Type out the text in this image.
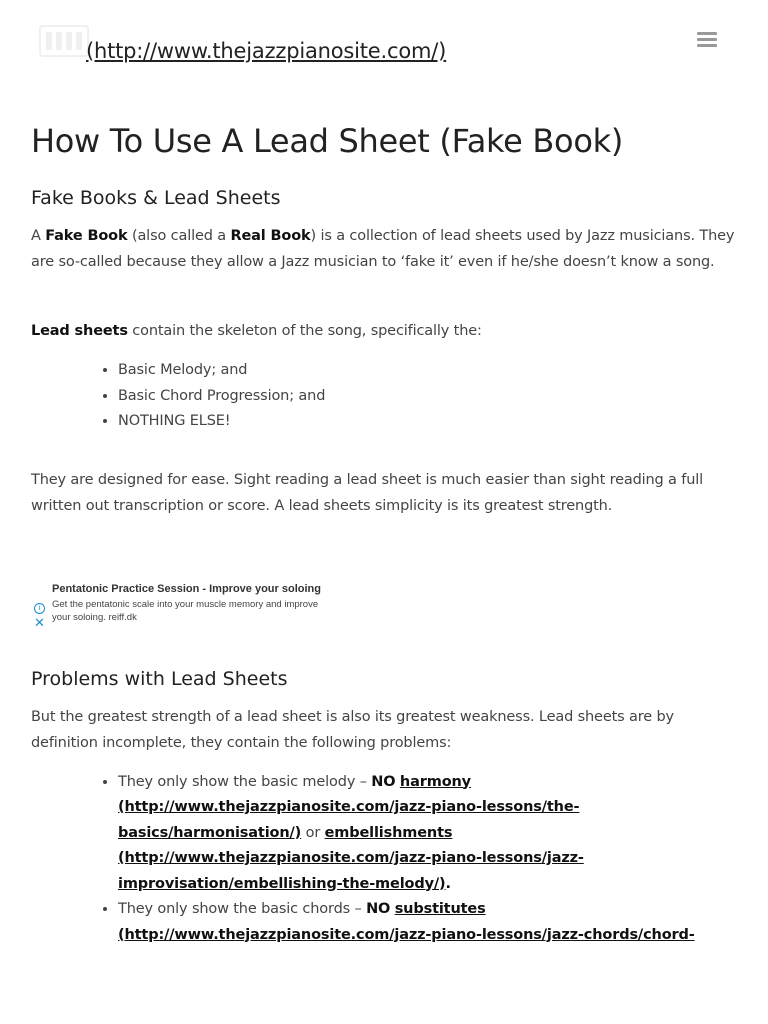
(http://www.thejazzpianosite.com/)
How To Use A Lead Sheet (Fake Book)
Fake Books & Lead Sheets

A Fake Book (also called a Real Book) is a collection of lead sheets used by Jazz musicians. They are so-called because they allow a Jazz musician to ‘fake it’ even if he/she doesn’t know a song.

Lead sheets contain the skeleton of the song, specifically the:

• Basic Melody; and
• Basic Chord Progression; and
• NOTHING ELSE!

They are designed for ease. Sight reading a lead sheet is much easier than sight reading a full written out transcription or score. A lead sheets simplicity is its greatest strength.

Pentatonic Practice Session - Improve your soloing
Get the pentatonic scale into your muscle memory and improve your soloing. reiff.dk
i
✕
Problems with Lead Sheets

But the greatest strength of a lead sheet is also its greatest weakness. Lead sheets are by definition incomplete, they contain the following problems:

• They only show the basic melody – NO harmony (http://www.thejazzpianosite.com/jazz-piano-lessons/the-basics/harmonisation/) or embellishments (http://www.thejazzpianosite.com/jazz-piano-lessons/jazz-improvisation/embellishing-the-melody/).
• They only show the basic chords – NO substitutes (http://www.thejazzpianosite.com/jazz-piano-lessons/jazz-chords/chord-
